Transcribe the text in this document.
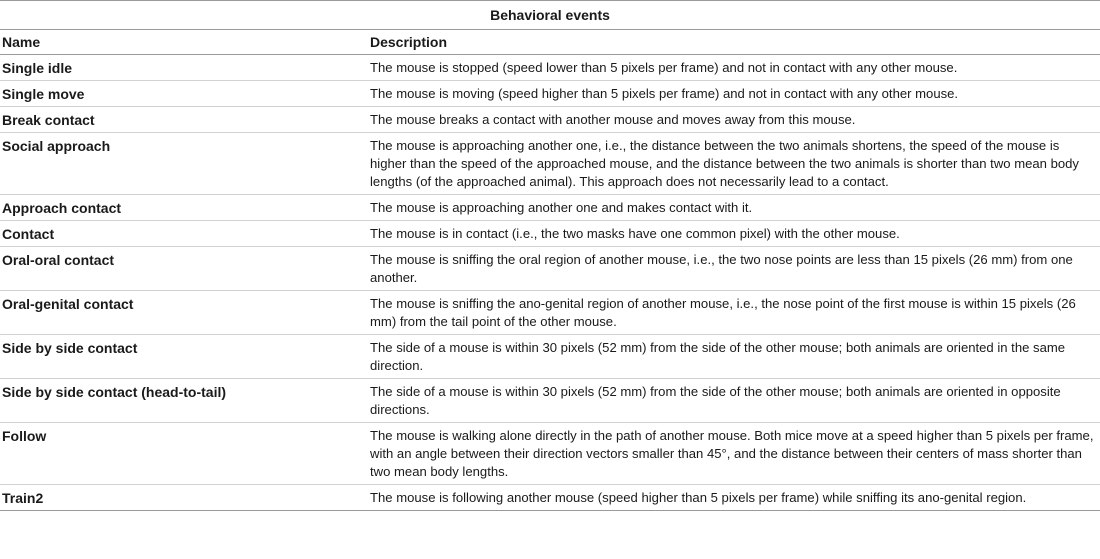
Behavioral events
Name	Description
Single idle	The mouse is stopped (speed lower than 5 pixels per frame) and not in contact with any other mouse.
Single move	The mouse is moving (speed higher than 5 pixels per frame) and not in contact with any other mouse.
Break contact	The mouse breaks a contact with another mouse and moves away from this mouse.
Social approach	The mouse is approaching another one, i.e., the distance between the two animals shortens, the speed of the mouse is higher than the speed of the approached mouse, and the distance between the two animals is shorter than two mean body lengths (of the approached animal). This approach does not necessarily lead to a contact.
Approach contact	The mouse is approaching another one and makes contact with it.
Contact	The mouse is in contact (i.e., the two masks have one common pixel) with the other mouse.
Oral-oral contact	The mouse is sniffing the oral region of another mouse, i.e., the two nose points are less than 15 pixels (26 mm) from one another.
Oral-genital contact	The mouse is sniffing the ano-genital region of another mouse, i.e., the nose point of the first mouse is within 15 pixels (26 mm) from the tail point of the other mouse.
Side by side contact	The side of a mouse is within 30 pixels (52 mm) from the side of the other mouse; both animals are oriented in the same direction.
Side by side contact (head-to-tail)	The side of a mouse is within 30 pixels (52 mm) from the side of the other mouse; both animals are oriented in opposite directions.
Follow	The mouse is walking alone directly in the path of another mouse. Both mice move at a speed higher than 5 pixels per frame, with an angle between their direction vectors smaller than 45°, and the distance between their centers of mass shorter than two mean body lengths.
Train2	The mouse is following another mouse (speed higher than 5 pixels per frame) while sniffing its ano-genital region.
